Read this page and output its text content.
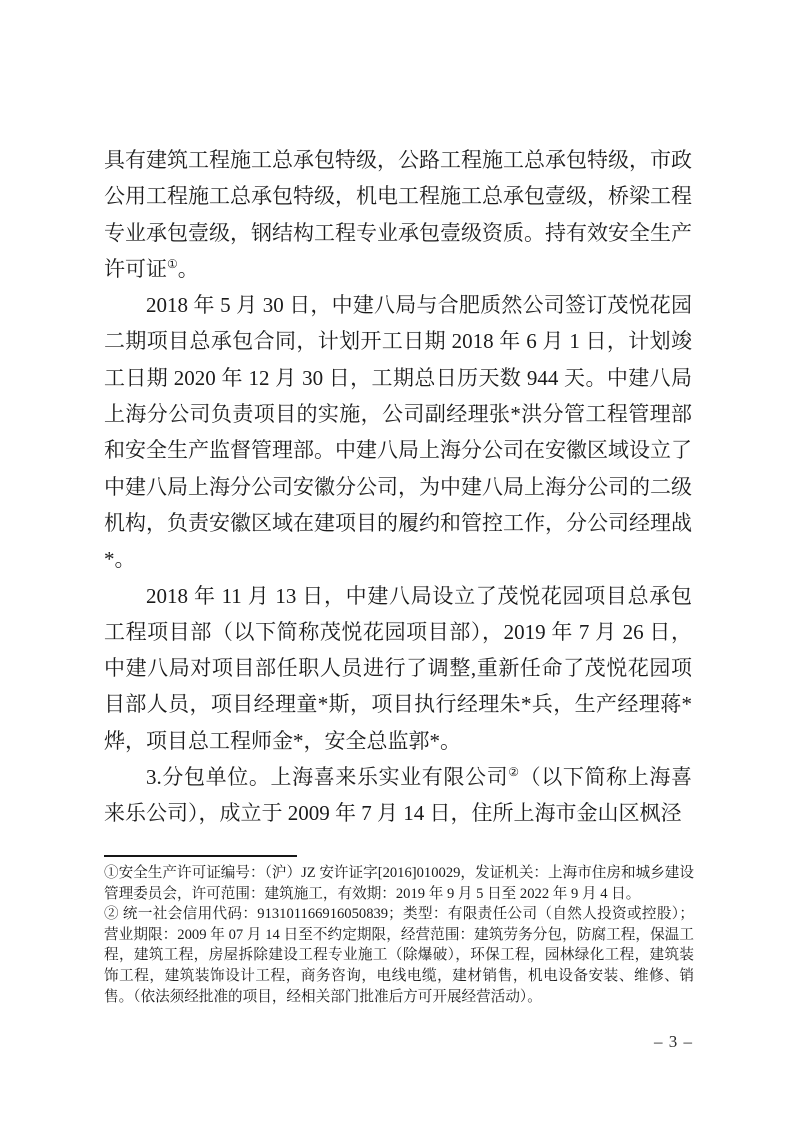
具有建筑工程施工总承包特级，公路工程施工总承包特级，市政公用工程施工总承包特级，机电工程施工总承包壹级，桥梁工程专业承包壹级，钢结构工程专业承包壹级资质。持有效安全生产许可证①。

2018 年 5 月 30 日，中建八局与合肥质然公司签订茂悦花园二期项目总承包合同，计划开工日期 2018 年 6 月 1 日，计划竣工日期 2020 年 12 月 30 日，工期总日历天数 944 天。中建八局上海分公司负责项目的实施，公司副经理张*洪分管工程管理部和安全生产监督管理部。中建八局上海分公司在安徽区域设立了中建八局上海分公司安徽分公司，为中建八局上海分公司的二级机构，负责安徽区域在建项目的履约和管控工作，分公司经理战*。

2018 年 11 月 13 日，中建八局设立了茂悦花园项目总承包工程项目部（以下简称茂悦花园项目部），2019 年 7 月 26 日，中建八局对项目部任职人员进行了调整,重新任命了茂悦花园项目部人员，项目经理童*斯，项目执行经理朱*兵，生产经理蒋*烨，项目总工程师金*，安全总监郭*。

3.分包单位。上海喜来乐实业有限公司②（以下简称上海喜来乐公司），成立于 2009 年 7 月 14 日，住所上海市金山区枫泾

①安全生产许可证编号：（沪）JZ 安许证字[2016]010029，发证机关：上海市住房和城乡建设管理委员会，许可范围：建筑施工，有效期：2019 年 9 月 5 日至 2022 年 9 月 4 日。

② 统一社会信用代码：913101166916050839；类型：有限责任公司（自然人投资或控股）；营业期限：2009 年 07 月 14 日至不约定期限，经营范围：建筑劳务分包，防腐工程，保温工程，建筑工程，房屋拆除建设工程专业施工（除爆破），环保工程，园林绿化工程，建筑装饰工程，建筑装饰设计工程，商务咨询，电线电缆，建材销售，机电设备安装、维修、销售。（依法须经批准的项目，经相关部门批准后方可开展经营活动）。

– 3 –
